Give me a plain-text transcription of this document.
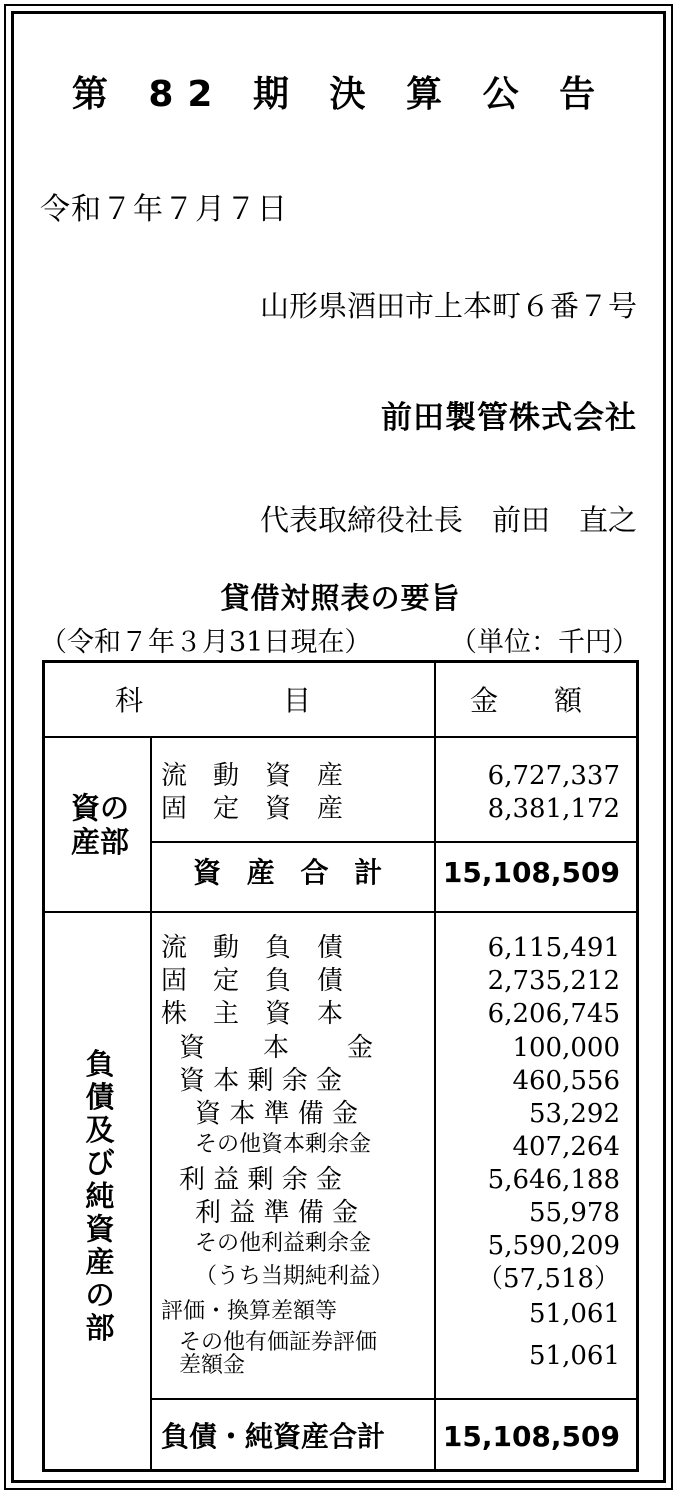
第 82 期 決 算 公 告
令和７年７月７日
山形県酒田市上本町６番７号
前田製管株式会社
代表取締役社長　前田　直之
貸借対照表の要旨
（令和７年３月31日現在）	（単位：千円）
科　　　　　目	金　　額
資の
産部
流　動　資　産	6,727,337
固　定　資　産	8,381,172
資 産 合 計 15,108,509
負
債
及
び
純
資
産
の
部
流　動　負　債	6,115,491
固　定　負　債	2,735,212
株　主　資　本	6,206,745
資　　本　　金	100,000
資 本 剰 余 金	460,556
資 本 準 備 金	53,292
その他資本剰余金	407,264
利 益 剰 余 金	5,646,188
利 益 準 備 金	55,978
その他利益剰余金	5,590,209
（うち当期純利益）	（57,518）
評価・換算差額等	51,061
その他有価証券評価
差額金	51,061
負債・純資産合計 15,108,509
